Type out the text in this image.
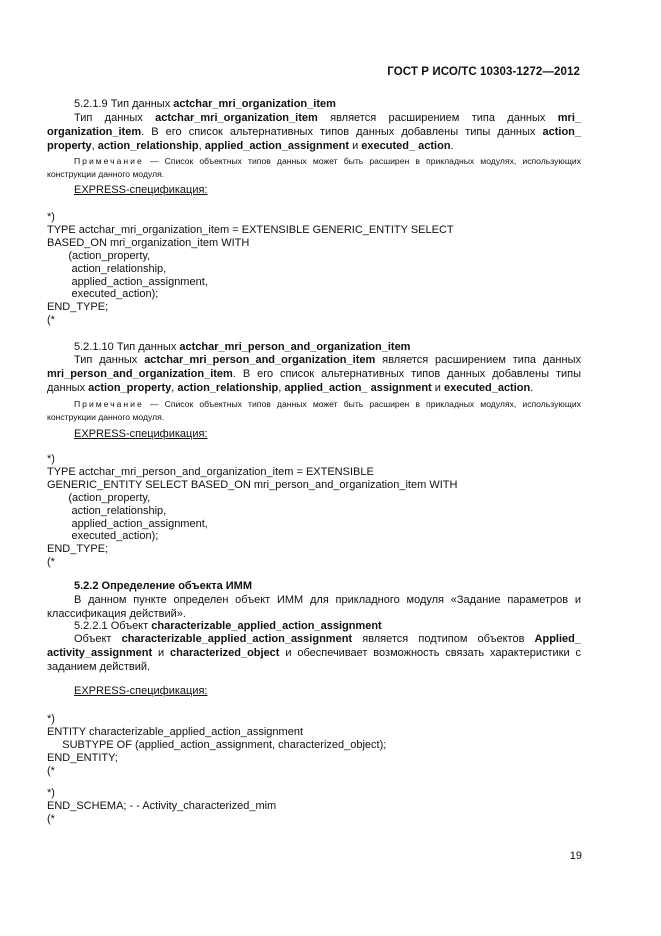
ГОСТ Р ИСО/ТС 10303-1272—2012
5.2.1.9 Тип данных actchar_mri_organization_item
Тип данных actchar_mri_organization_item является расширением типа данных mri_ organization_item. В его список альтернативных типов данных добавлены типы данных action_ property, action_relationship, applied_action_assignment и executed_ action.
Примечание — Список объектных типов данных может быть расширен в прикладных модулях, использующих конструкции данного модуля.
EXPRESS-спецификация:
*)
TYPE actchar_mri_organization_item = EXTENSIBLE GENERIC_ENTITY SELECT
BASED_ON mri_organization_item WITH
(action_property,
action_relationship,
applied_action_assignment,
executed_action);
END_TYPE;
(*
5.2.1.10 Тип данных actchar_mri_person_and_organization_item
Тип данных actchar_mri_person_and_organization_item является расширением типа данных mri_person_and_organization_item. В его список альтернативных типов данных добавлены типы данных action_property, action_relationship, applied_action_ assignment и executed_action.
Примечание — Список объектных типов данных может быть расширен в прикладных модулях, использующих конструкции данного модуля.
EXPRESS-спецификация:
*)
TYPE actchar_mri_person_and_organization_item = EXTENSIBLE
GENERIC_ENTITY SELECT BASED_ON mri_person_and_organization_item WITH
(action_property,
action_relationship,
applied_action_assignment,
executed_action);
END_TYPE;
(*
5.2.2 Определение объекта ИММ
В данном пункте определен объект ИММ для прикладного модуля «Задание параметров и классификация действий».
5.2.2.1 Объект characterizable_applied_action_assignment
Объект characterizable_applied_action_assignment является подтипом объектов Applied_ activity_assignment и characterized_object и обеспечивает возможность связать характеристики с заданием действий.
EXPRESS-спецификация:
*)
ENTITY characterizable_applied_action_assignment
SUBTYPE OF (applied_action_assignment, characterized_object);
END_ENTITY;
(*
*)
END_SCHEMA; - - Activity_characterized_mim
(*
19
